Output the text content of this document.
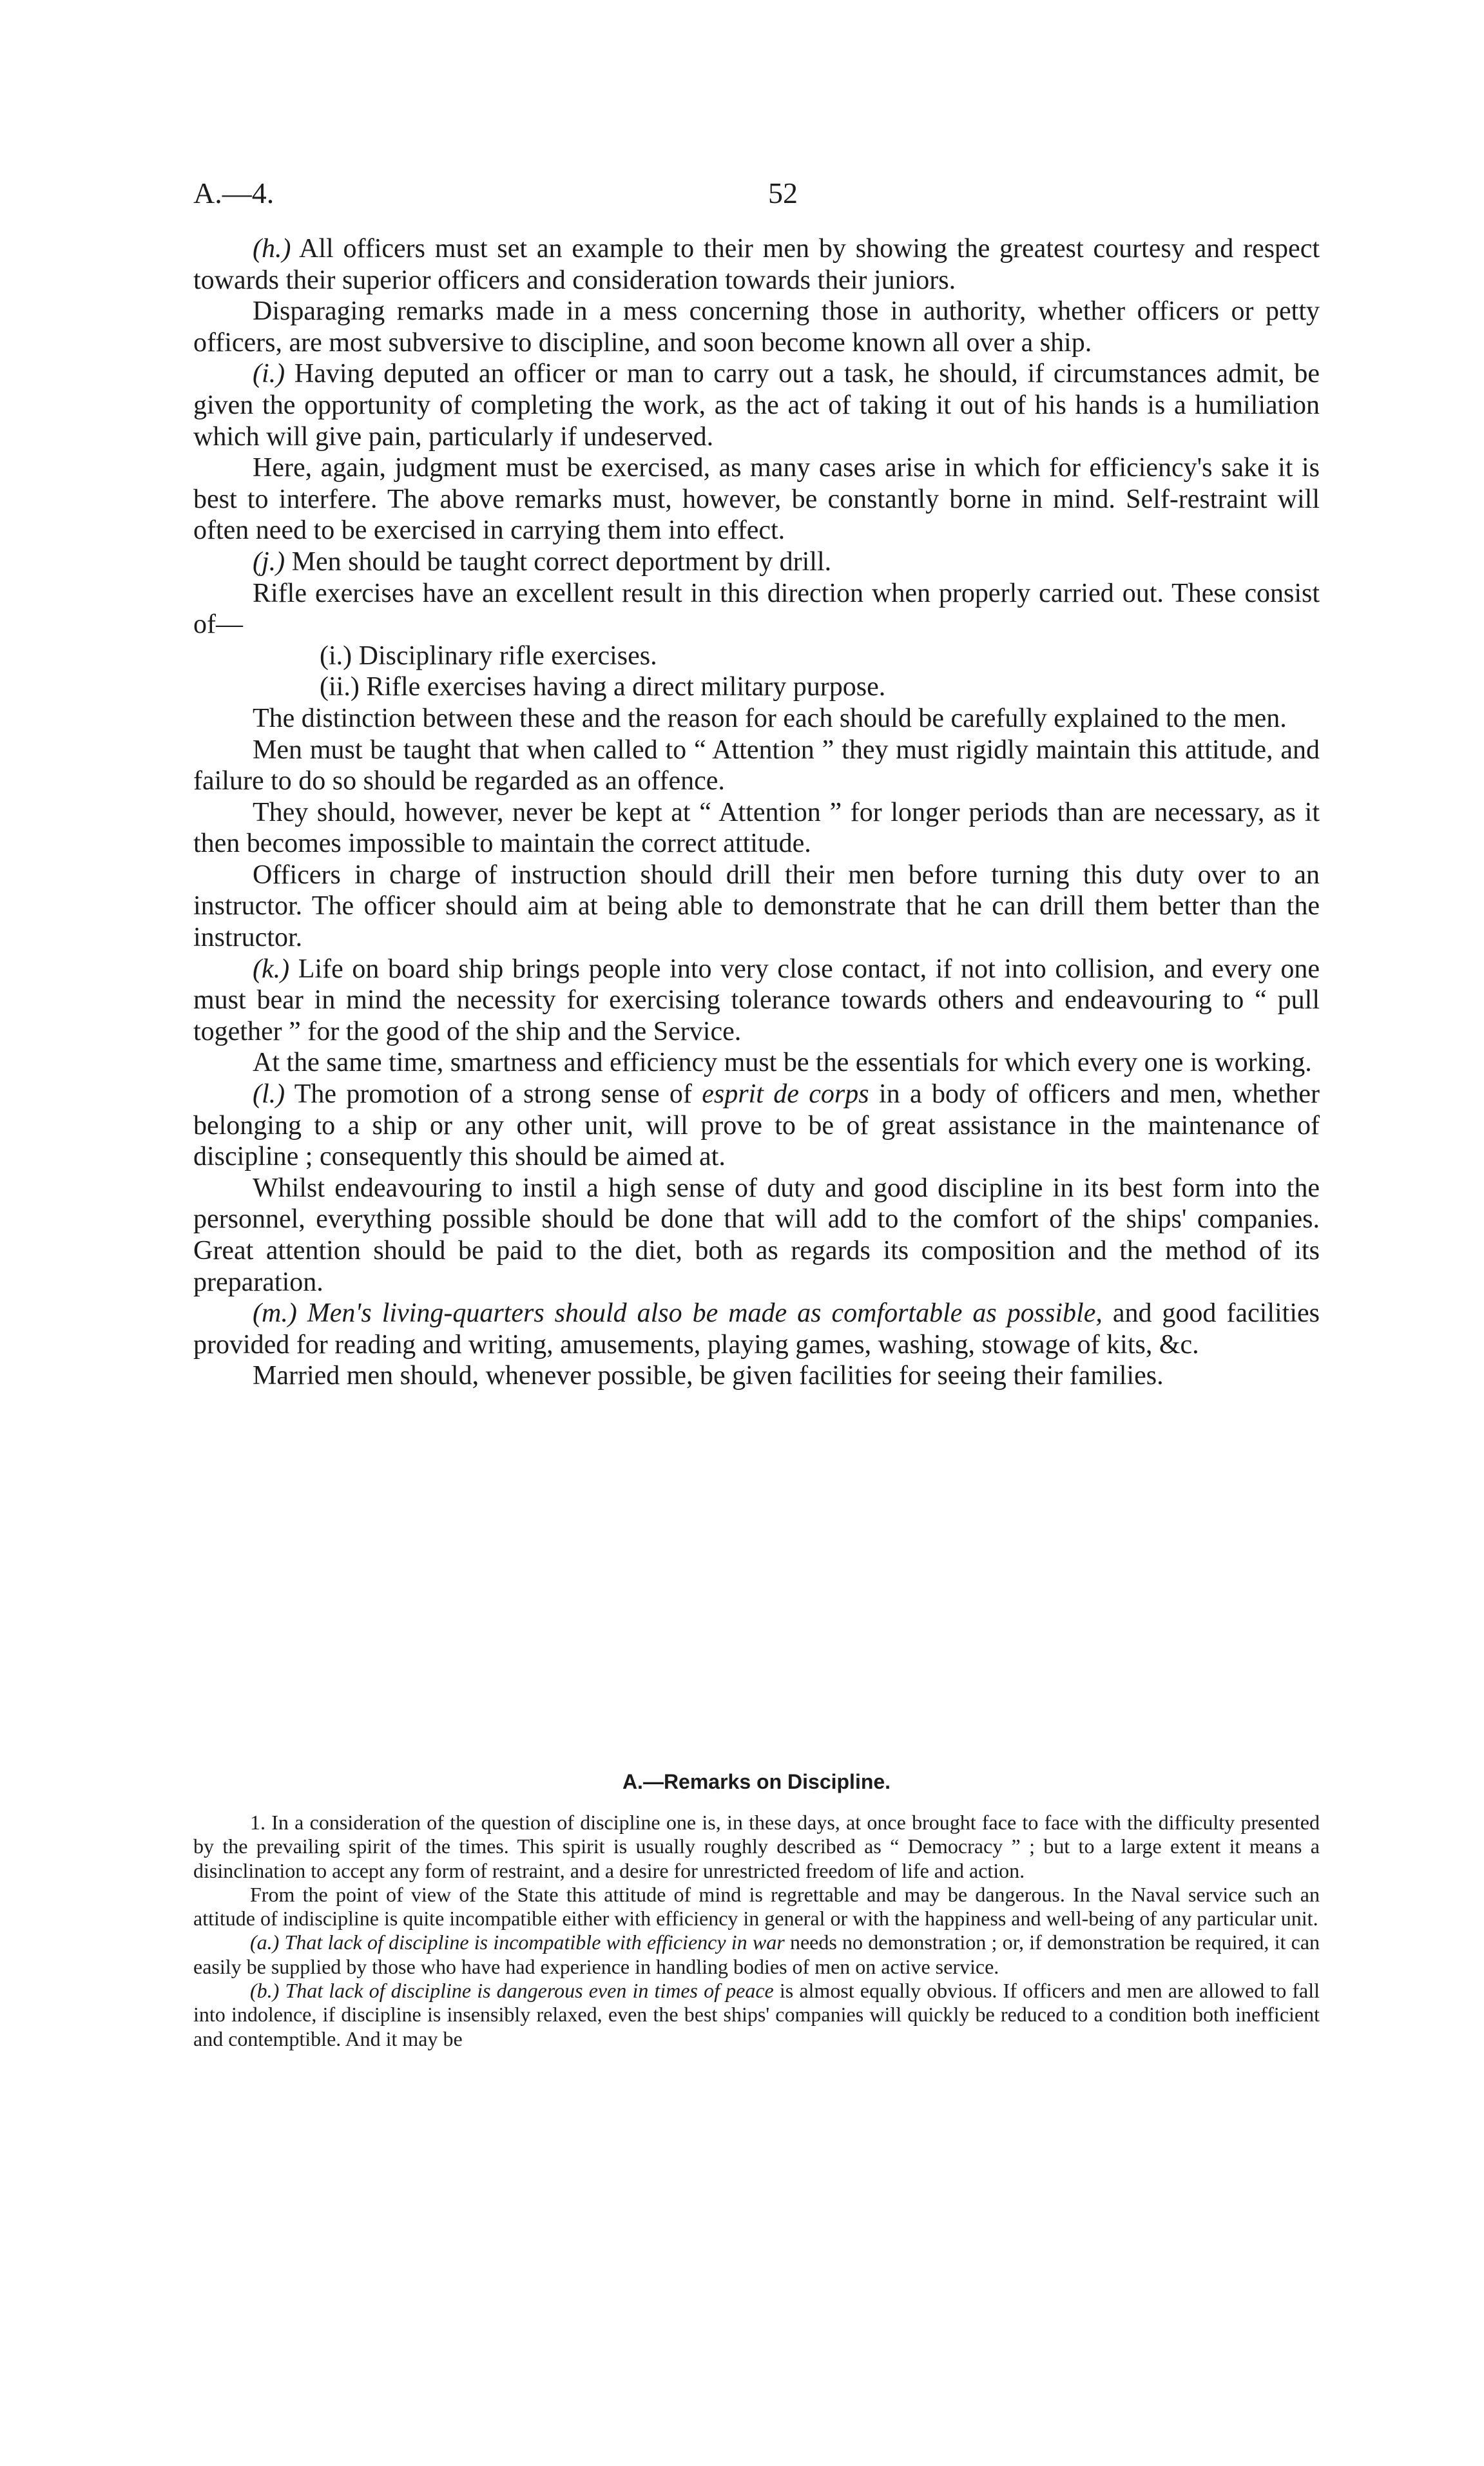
A.—4.	52

(h.) All officers must set an example to their men by showing the greatest courtesy and respect towards their superior officers and consideration towards their juniors.

Disparaging remarks made in a mess concerning those in authority, whether officers or petty officers, are most subversive to discipline, and soon become known all over a ship.

(i.) Having deputed an officer or man to carry out a task, he should, if circumstances admit, be given the opportunity of completing the work, as the act of taking it out of his hands is a humiliation which will give pain, particularly if undeserved.

Here, again, judgment must be exercised, as many cases arise in which for efficiency's sake it is best to interfere. The above remarks must, however, be constantly borne in mind. Self-restraint will often need to be exercised in carrying them into effect.

(j.) Men should be taught correct deportment by drill.

Rifle exercises have an excellent result in this direction when properly carried out. These consist of—

(i.) Disciplinary rifle exercises.

(ii.) Rifle exercises having a direct military purpose.

The distinction between these and the reason for each should be carefully explained to the men.

Men must be taught that when called to “ Attention ” they must rigidly maintain this attitude, and failure to do so should be regarded as an offence.

They should, however, never be kept at “ Attention ” for longer periods than are necessary, as it then becomes impossible to maintain the correct attitude.

Officers in charge of instruction should drill their men before turning this duty over to an instructor. The officer should aim at being able to demonstrate that he can drill them better than the instructor.

(k.) Life on board ship brings people into very close contact, if not into collision, and every one must bear in mind the necessity for exercising tolerance towards others and endeavouring to “ pull together ” for the good of the ship and the Service.

At the same time, smartness and efficiency must be the essentials for which every one is working.

(l.) The promotion of a strong sense of esprit de corps in a body of officers and men, whether belonging to a ship or any other unit, will prove to be of great assistance in the maintenance of discipline ; consequently this should be aimed at.

Whilst endeavouring to instil a high sense of duty and good discipline in its best form into the personnel, everything possible should be done that will add to the comfort of the ships' companies. Great attention should be paid to the diet, both as regards its composition and the method of its preparation.

(m.) Men's living-quarters should also be made as comfortable as possible, and good facilities provided for reading and writing, amusements, playing games, washing, stowage of kits, &c.

Married men should, whenever possible, be given facilities for seeing their families.

A.—Remarks on Discipline.

1. In a consideration of the question of discipline one is, in these days, at once brought face to face with the difficulty presented by the prevailing spirit of the times. This spirit is usually roughly described as “ Democracy ” ; but to a large extent it means a disinclination to accept any form of restraint, and a desire for unrestricted freedom of life and action.

From the point of view of the State this attitude of mind is regrettable and may be dangerous. In the Naval service such an attitude of indiscipline is quite incompatible either with efficiency in general or with the happiness and well-being of any particular unit.

(a.) That lack of discipline is incompatible with efficiency in war needs no demonstration ; or, if demonstration be required, it can easily be supplied by those who have had experience in handling bodies of men on active service.

(b.) That lack of discipline is dangerous even in times of peace is almost equally obvious. If officers and men are allowed to fall into indolence, if discipline is insensibly relaxed, even the best ships' companies will quickly be reduced to a condition both inefficient and contemptible. And it may be
